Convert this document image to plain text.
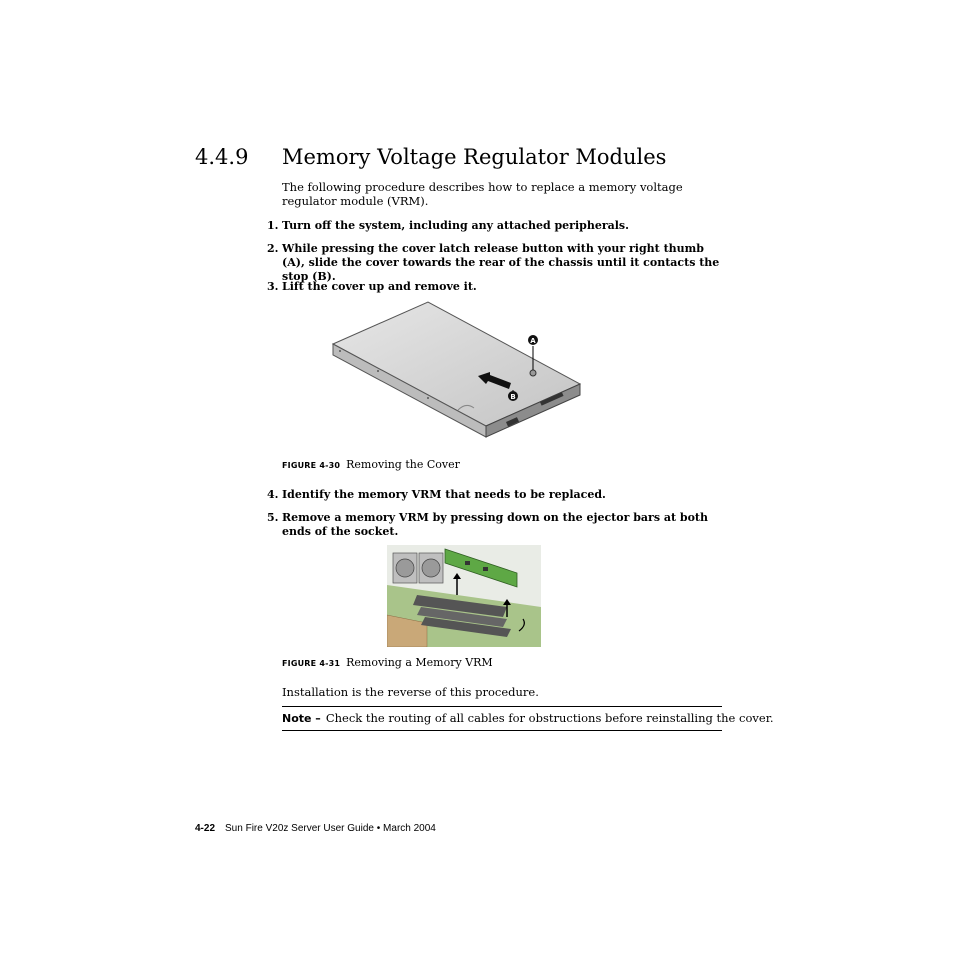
4.4.9 Memory Voltage Regulator Modules
The following procedure describes how to replace a memory voltage regulator module (VRM).
1. Turn off the system, including any attached peripherals.
2. While pressing the cover latch release button with your right thumb (A), slide the cover towards the rear of the chassis until it contacts the stop (B).
3. Lift the cover up and remove it.
A
B
FIGURE 4-30 Removing the Cover
4. Identify the memory VRM that needs to be replaced.
5. Remove a memory VRM by pressing down on the ejector bars at both ends of the socket.
FIGURE 4-31 Removing a Memory VRM
Installation is the reverse of this procedure.
Note – Check the routing of all cables for obstructions before reinstalling the cover.
4-22 Sun Fire V20z Server User Guide • March 2004
